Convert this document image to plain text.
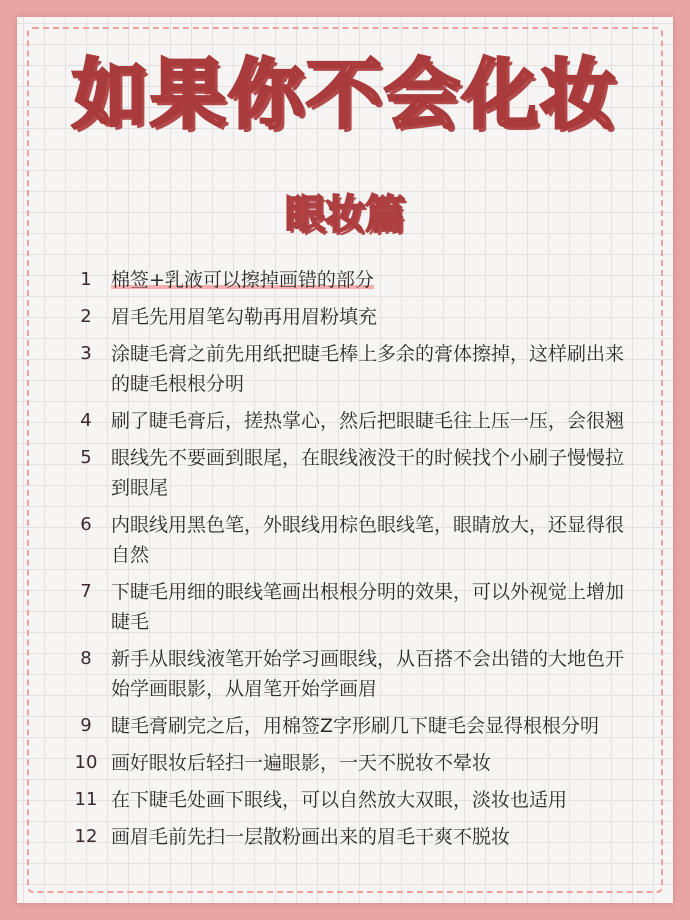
如果你不会化妆
眼妆篇
1	棉签+乳液可以擦掉画错的部分
2	眉毛先用眉笔勾勒再用眉粉填充
3	涂睫毛膏之前先用纸把睫毛棒上多余的膏体擦掉，这样刷出来的睫毛根根分明
4	刷了睫毛膏后，搓热掌心，然后把眼睫毛往上压一压，会很翘
5	眼线先不要画到眼尾，在眼线液没干的时候找个小刷子慢慢拉到眼尾
6	内眼线用黑色笔，外眼线用棕色眼线笔，眼睛放大，还显得很自然
7	下睫毛用细的眼线笔画出根根分明的效果，可以外视觉上增加睫毛
8	新手从眼线液笔开始学习画眼线，从百搭不会出错的大地色开始学画眼影，从眉笔开始学画眉
9	睫毛膏刷完之后，用棉签Z字形刷几下睫毛会显得根根分明
10 画好眼妆后轻扫一遍眼影，一天不脱妆不晕妆
11 在下睫毛处画下眼线，可以自然放大双眼，淡妆也适用
12 画眉毛前先扫一层散粉画出来的眉毛干爽不脱妆
